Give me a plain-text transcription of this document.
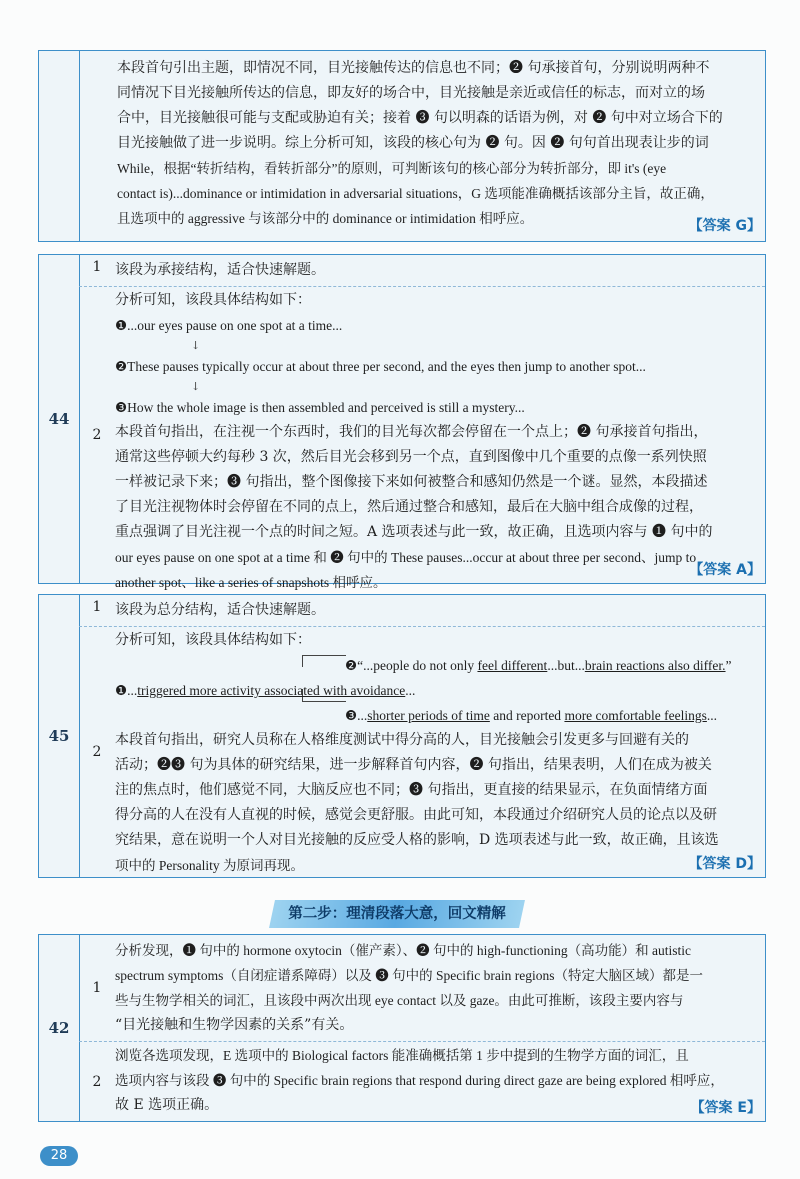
本段首句引出主题，即情况不同，目光接触传达的信息也不同；❷ 句承接首句，分别说明两种不
同情况下目光接触所传达的信息，即友好的场合中，目光接触是亲近或信任的标志，而对立的场
合中，目光接触很可能与支配或胁迫有关；接着 ❸ 句以明森的话语为例，对 ❷ 句中对立场合下的
目光接触做了进一步说明。综上分析可知，该段的核心句为 ❷ 句。因 ❷ 句句首出现表让步的词
While，根据“转折结构，看转折部分”的原则，可判断该句的核心部分为转折部分，即 it's (eye
contact is)...dominance or intimidation in adversarial situations，G 选项能准确概括该部分主旨，故正确，
且选项中的 aggressive 与该部分中的 dominance or intimidation 相呼应。	【答案 G】
44
1 该段为承接结构，适合快速解题。
2
分析可知，该段具体结构如下：
❶...our eyes pause on one spot at a time...
↓
❷These pauses typically occur at about three per second, and the eyes then jump to another spot...
↓
❸How the whole image is then assembled and perceived is still a mystery...
本段首句指出，在注视一个东西时，我们的目光每次都会停留在一个点上；❷ 句承接首句指出，
通常这些停顿大约每秒 3 次，然后目光会移到另一个点，直到图像中几个重要的点像一系列快照
一样被记录下来；❸ 句指出，整个图像接下来如何被整合和感知仍然是一个谜。显然，本段描述
了目光注视物体时会停留在不同的点上，然后通过整合和感知，最后在大脑中组合成像的过程，
重点强调了目光注视一个点的时间之短。A 选项表述与此一致，故正确，且选项内容与 ❶ 句中的
our eyes pause on one spot at a time 和 ❷ 句中的 These pauses...occur at about three per second、jump to
another spot、like a series of snapshots 相呼应。
【答案 A】
45
1 该段为总分结构，适合快速解题。
2
分析可知，该段具体结构如下：
❷“...people do not only feel different...but...brain reactions also differ.”
❶...triggered more activity associated with avoidance...
❸...shorter periods of time and reported more comfortable feelings...
本段首句指出，研究人员称在人格维度测试中得分高的人，目光接触会引发更多与回避有关的
活动；❷❸ 句为具体的研究结果，进一步解释首句内容，❷ 句指出，结果表明，人们在成为被关
注的焦点时，他们感觉不同，大脑反应也不同；❸ 句指出，更直接的结果显示，在负面情绪方面
得分高的人在没有人直视的时候，感觉会更舒服。由此可知，本段通过介绍研究人员的论点以及研
究结果，意在说明一个人对目光接触的反应受人格的影响，D 选项表述与此一致，故正确，且该选
项中的 Personality 为原词再现。	【答案 D】
第二步：理清段落大意，回文精解
42
1
分析发现，❶ 句中的 hormone oxytocin（催产素）、❷ 句中的 high-functioning（高功能）和 autistic
spectrum symptoms（自闭症谱系障碍）以及 ❸ 句中的 Specific brain regions（特定大脑区域）都是一
些与生物学相关的词汇，且该段中两次出现 eye contact 以及 gaze。由此可推断，该段主要内容与
“目光接触和生物学因素的关系”有关。
2
浏览各选项发现，E 选项中的 Biological factors 能准确概括第 1 步中提到的生物学方面的词汇，且
选项内容与该段 ❸ 句中的 Specific brain regions that respond during direct gaze are being explored 相呼应，
故 E 选项正确。	【答案 E】
28
